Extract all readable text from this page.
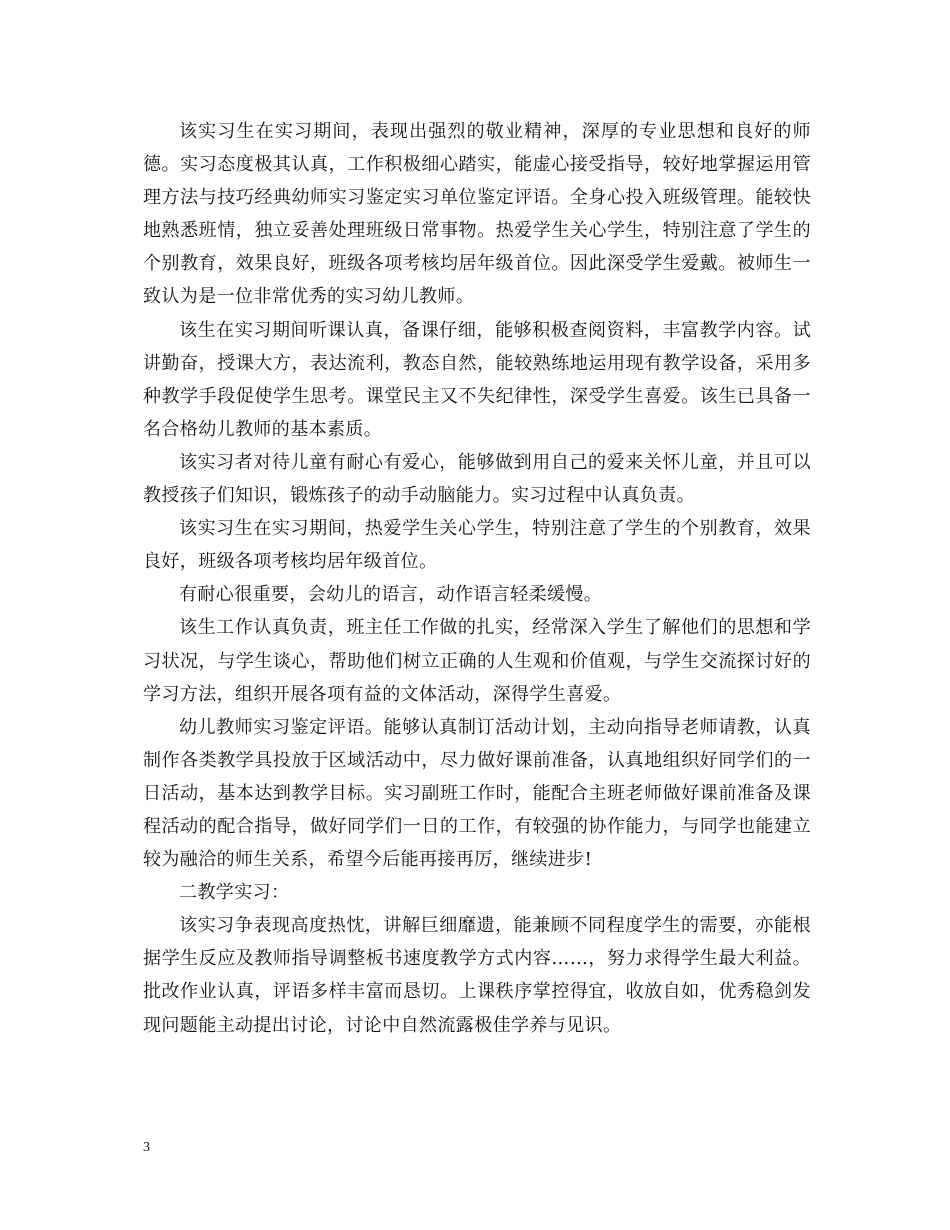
该实习生在实习期间，表现出强烈的敬业精神，深厚的专业思想和良好的师德。实习态度极其认真，工作积极细心踏实，能虚心接受指导，较好地掌握运用管理方法与技巧经典幼师实习鉴定实习单位鉴定评语。全身心投入班级管理。能较快地熟悉班情，独立妥善处理班级日常事物。热爱学生关心学生，特别注意了学生的个别教育，效果良好，班级各项考核均居年级首位。因此深受学生爱戴。被师生一致认为是一位非常优秀的实习幼儿教师。

该生在实习期间听课认真，备课仔细，能够积极查阅资料，丰富教学内容。试讲勤奋，授课大方，表达流利，教态自然，能较熟练地运用现有教学设备，采用多种教学手段促使学生思考。课堂民主又不失纪律性，深受学生喜爱。该生已具备一名合格幼儿教师的基本素质。

该实习者对待儿童有耐心有爱心，能够做到用自己的爱来关怀儿童，并且可以教授孩子们知识，锻炼孩子的动手动脑能力。实习过程中认真负责。

该实习生在实习期间，热爱学生关心学生，特别注意了学生的个别教育，效果良好，班级各项考核均居年级首位。

有耐心很重要，会幼儿的语言，动作语言轻柔缓慢。

该生工作认真负责，班主任工作做的扎实，经常深入学生了解他们的思想和学习状况，与学生谈心，帮助他们树立正确的人生观和价值观，与学生交流探讨好的学习方法，组织开展各项有益的文体活动，深得学生喜爱。

幼儿教师实习鉴定评语。能够认真制订活动计划，主动向指导老师请教，认真制作各类教学具投放于区域活动中，尽力做好课前准备，认真地组织好同学们的一日活动，基本达到教学目标。实习副班工作时，能配合主班老师做好课前准备及课程活动的配合指导，做好同学们一日的工作，有较强的协作能力，与同学也能建立较为融洽的师生关系，希望今后能再接再厉，继续进步!

二教学实习：

该实习争表现高度热忱，讲解巨细靡遗，能兼顾不同程度学生的需要，亦能根据学生反应及教师指导调整板书速度教学方式内容……，努力求得学生最大利益。批改作业认真，评语多样丰富而恳切。上课秩序掌控得宜，收放自如，优秀稳剑发现问题能主动提出讨论，讨论中自然流露极佳学养与见识。

3
